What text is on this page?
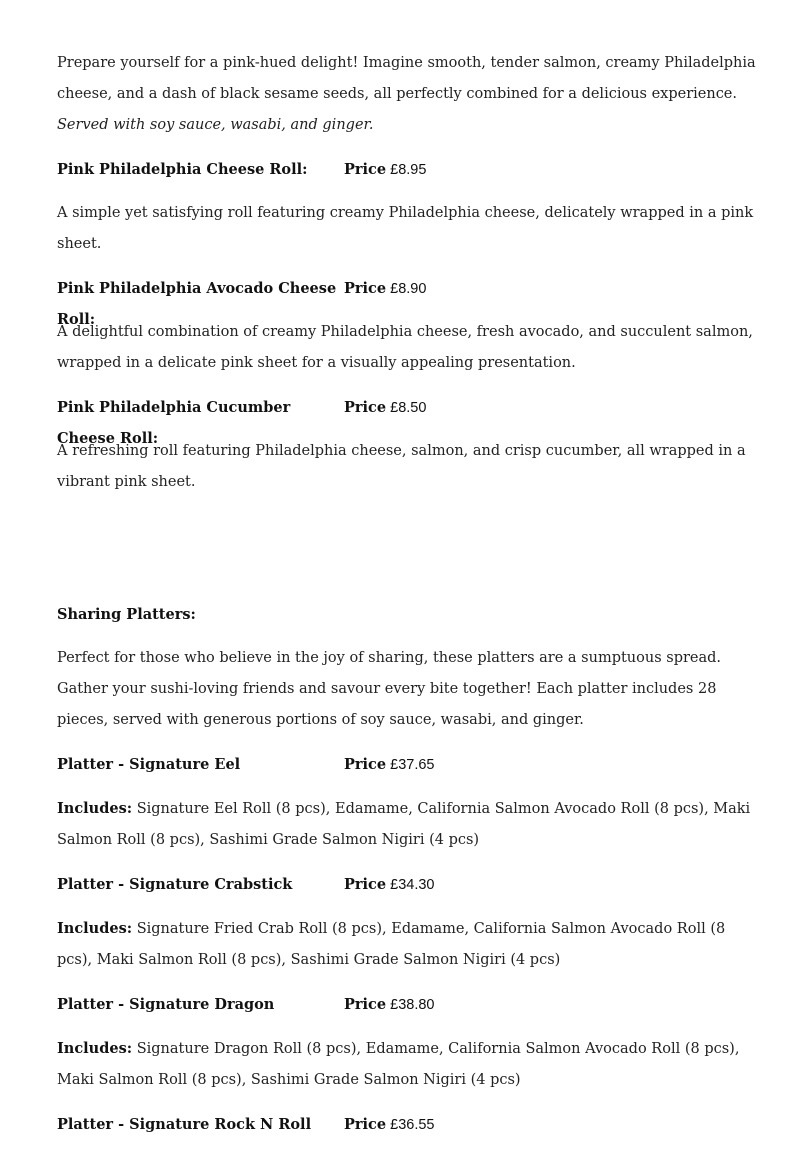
Prepare yourself for a pink-hued delight! Imagine smooth, tender salmon, creamy Philadelphia cheese, and a dash of black sesame seeds, all perfectly combined for a delicious experience. Served with soy sauce, wasabi, and ginger.

Pink Philadelphia Cheese Roll:	Price £8.95

A simple yet satisfying roll featuring creamy Philadelphia cheese, delicately wrapped in a pink sheet.

Pink Philadelphia Avocado Cheese Roll:
Price £8.90

A delightful combination of creamy Philadelphia cheese, fresh avocado, and succulent salmon, wrapped in a delicate pink sheet for a visually appealing presentation.

Pink Philadelphia Cucumber Cheese Roll:
Price £8.50

A refreshing roll featuring Philadelphia cheese, salmon, and crisp cucumber, all wrapped in a vibrant pink sheet.

Sharing Platters:

Perfect for those who believe in the joy of sharing, these platters are a sumptuous spread. Gather your sushi-loving friends and savour every bite together! Each platter includes 28 pieces, served with generous portions of soy sauce, wasabi, and ginger.

Platter - Signature Eel	Price £37.65

Includes: Signature Eel Roll (8 pcs), Edamame, California Salmon Avocado Roll (8 pcs), Maki Salmon Roll (8 pcs), Sashimi Grade Salmon Nigiri (4 pcs)

Platter - Signature Crabstick	Price £34.30

Includes: Signature Fried Crab Roll (8 pcs), Edamame, California Salmon Avocado Roll (8 pcs), Maki Salmon Roll (8 pcs), Sashimi Grade Salmon Nigiri (4 pcs)

Platter - Signature Dragon	Price £38.80

Includes: Signature Dragon Roll (8 pcs), Edamame, California Salmon Avocado Roll (8 pcs), Maki Salmon Roll (8 pcs), Sashimi Grade Salmon Nigiri (4 pcs)

Platter - Signature Rock N Roll	Price £36.55
